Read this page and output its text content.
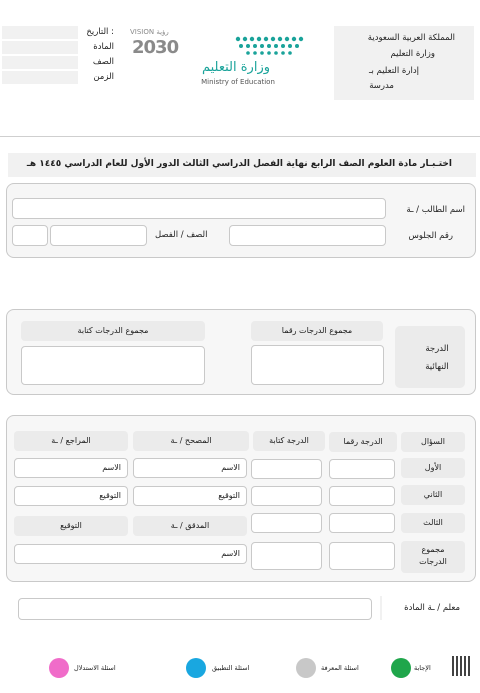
المملكة العربية السعودية
وزارة التعليم
إدارة التعليم بـ
مدرسة
وزارة التعليم
Ministry of Education
VISION رؤية
2030
التاريخ :
المادة
الصف
الزمن
اختـبـار مادة العلوم الصف الرابع نهاية الفصل الدراسي الثالث الدور الأول للعام الدراسي ١٤٤٥ هـ
اسم الطالب / ـة
رقم الجلوس
الصف / الفصل
الدرجة النهائية
مجموع الدرجات رقما
مجموع الدرجات كتابة
السؤال
الدرجة رقما
الدرجة كتابة
المصحح / ـة
المراجع / ـة
الأول
الاسم
الاسم
الثاني
التوقيع
التوقيع
الثالث
المدقق / ـة
التوقيع
مجموع الدرجات
الاسم
معلم / ـة المادة
الإجابة
اسئلة المعرفة
اسئلة التطبيق
اسئلة الاستدلال
